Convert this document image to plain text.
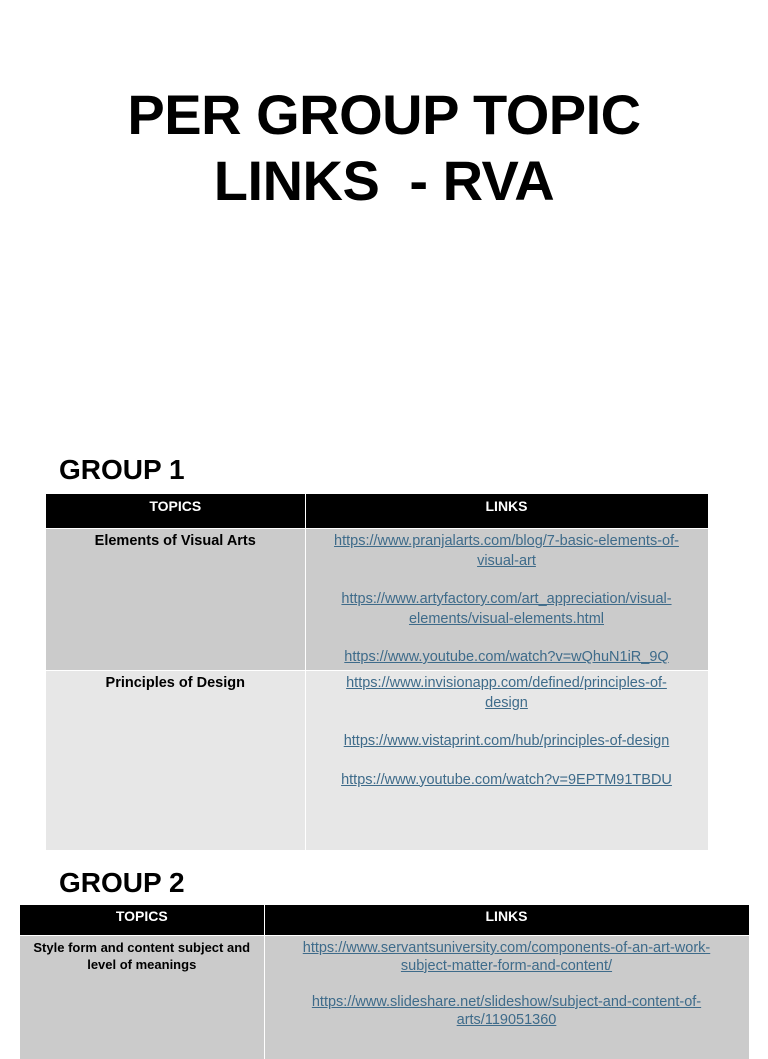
PER GROUP TOPIC
LINKS  - RVA
GROUP 1
TOPICS	LINKS
Elements of Visual Arts	https://www.pranjalarts.com/blog/7-basic-elements-of-
visual-art
https://www.artyfactory.com/art_appreciation/visual-
elements/visual-elements.html
https://www.youtube.com/watch?v=wQhuN1iR_9Q

Principles of Design	https://www.invisionapp.com/defined/principles-of-
design
https://www.vistaprint.com/hub/principles-of-design
https://www.youtube.com/watch?v=9EPTM91TBDU
GROUP 2
TOPICS	LINKS

Style form and content subject and
level of meanings	https://www.servantsuniversity.com/components-of-an-art-work-
subject-matter-form-and-content/
https://www.slideshare.net/slideshow/subject-and-content-of-
arts/119051360
